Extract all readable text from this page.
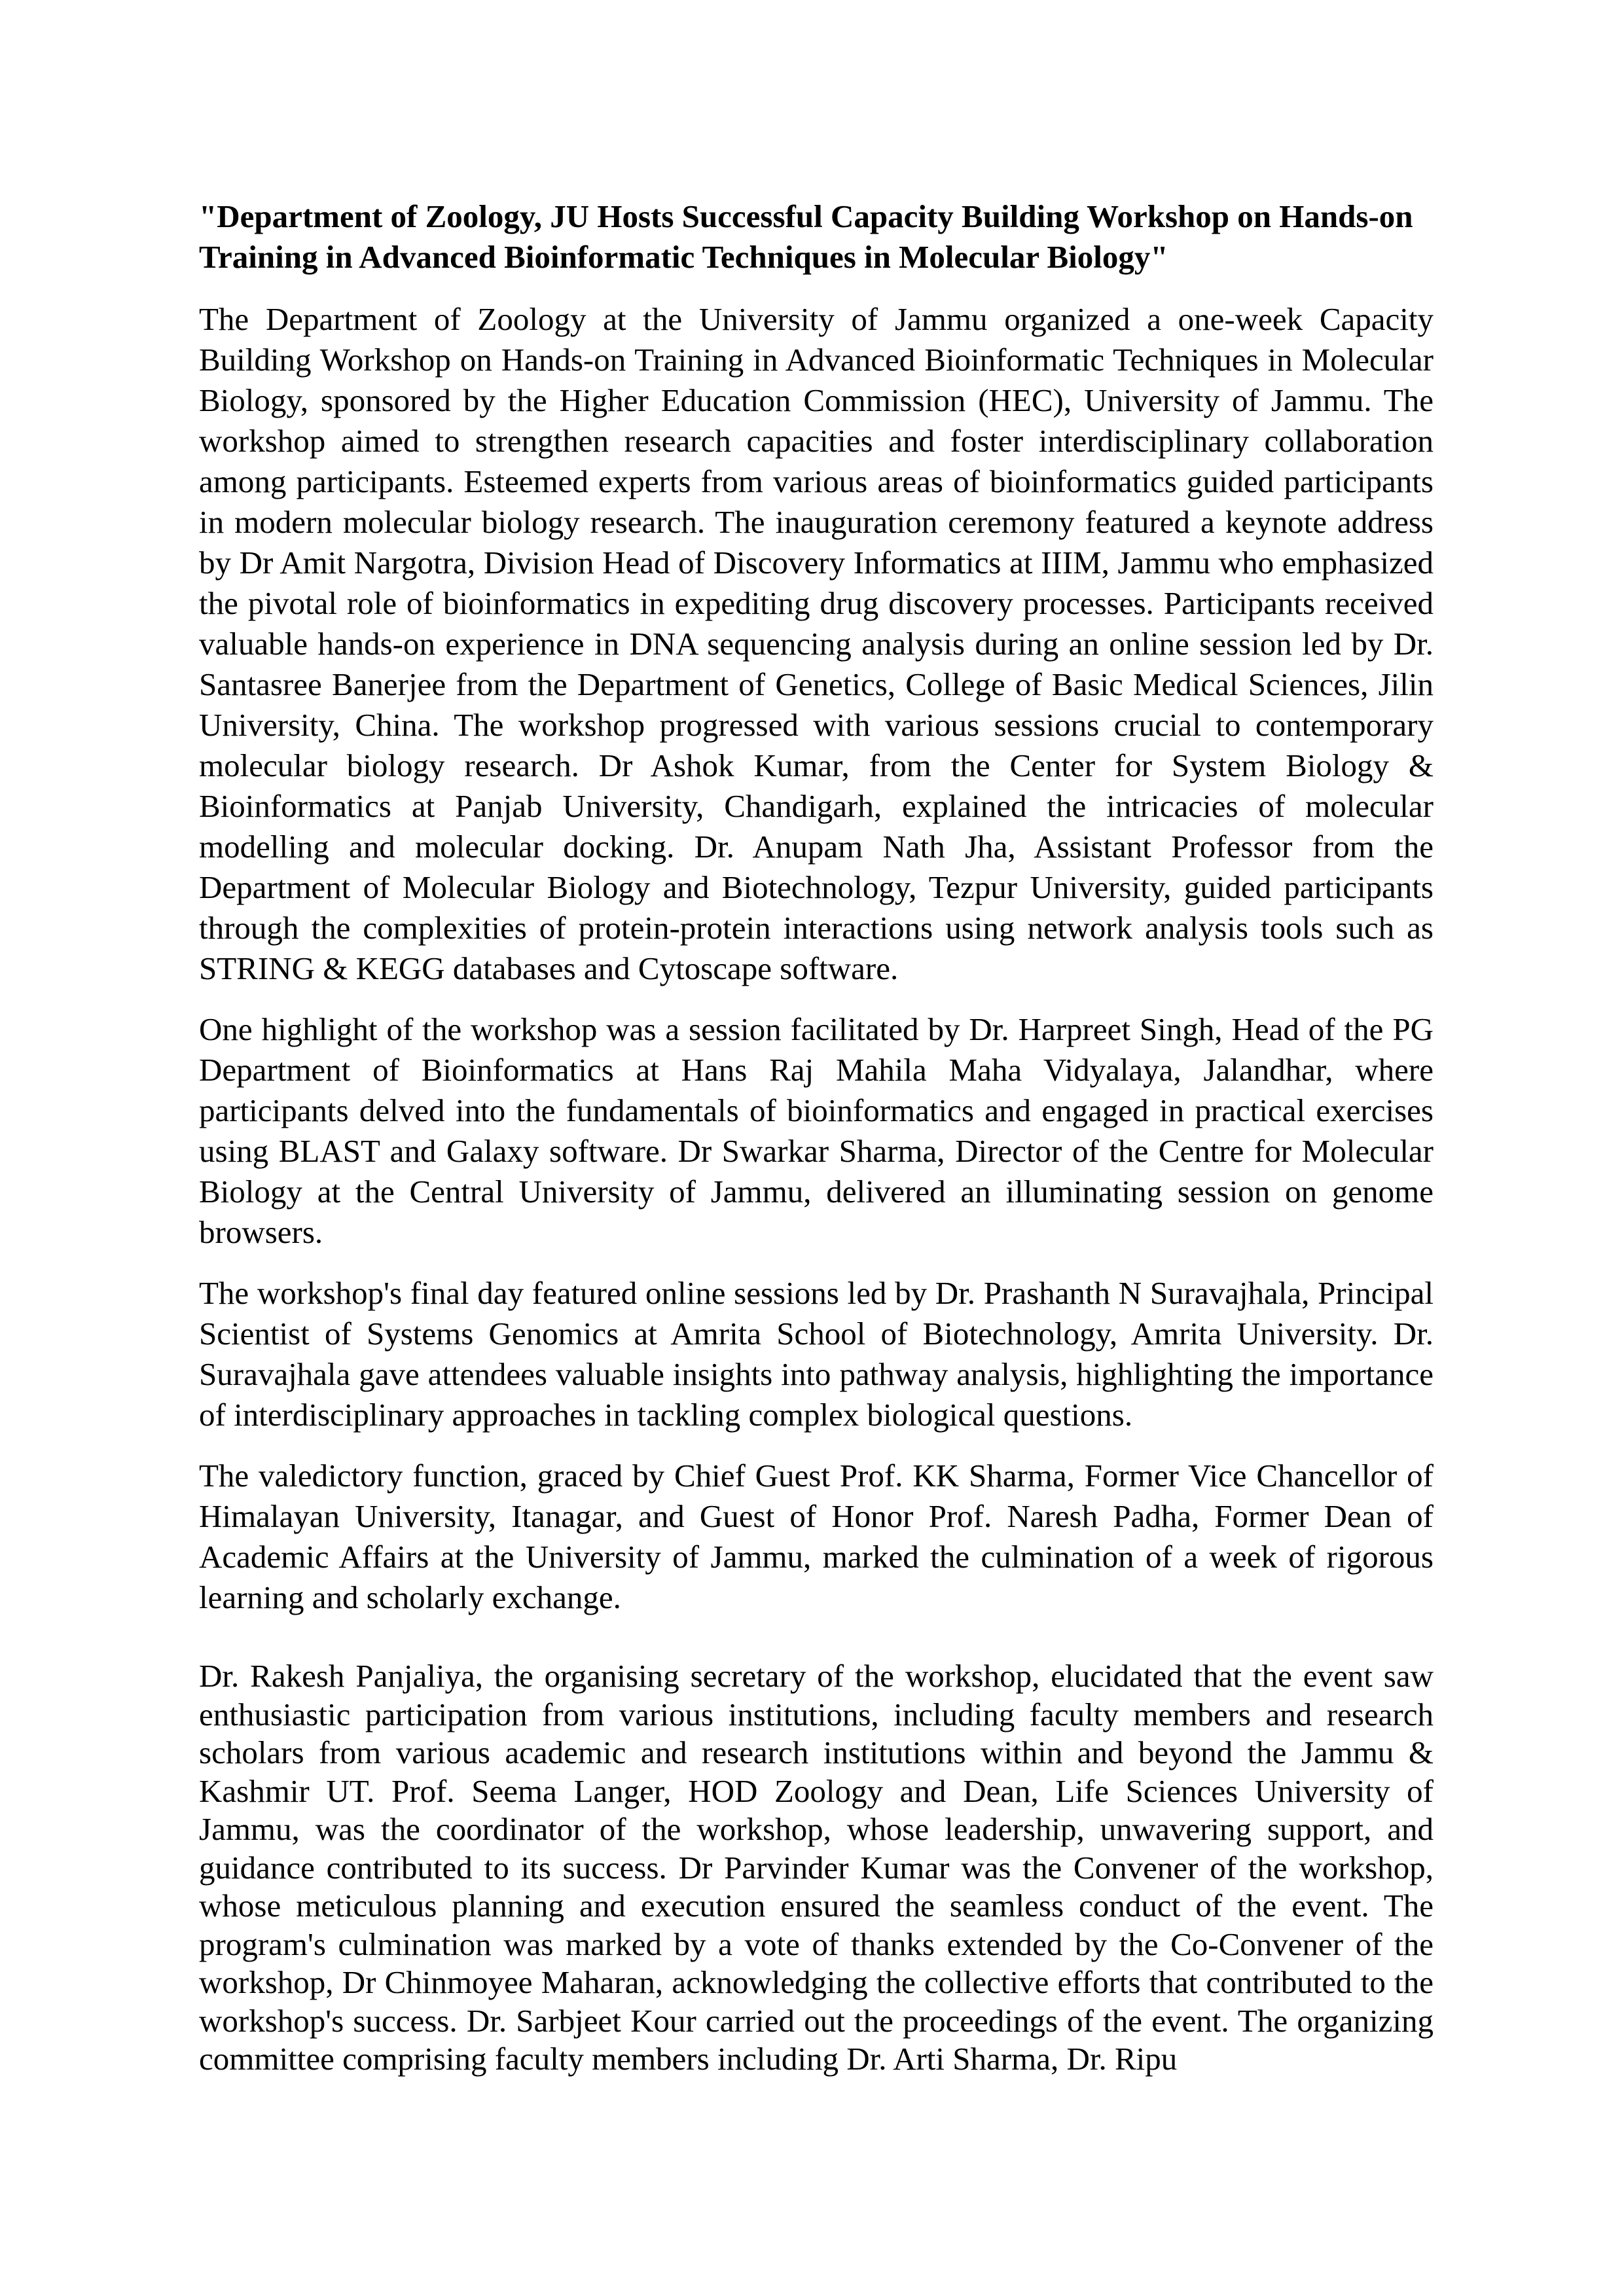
"Department of Zoology, JU Hosts Successful Capacity Building Workshop on Hands-on Training in Advanced Bioinformatic Techniques in Molecular Biology"

The Department of Zoology at the University of Jammu organized a one-week Capacity Building Workshop on Hands-on Training in Advanced Bioinformatic Techniques in Molecular Biology, sponsored by the Higher Education Commission (HEC), University of Jammu. The workshop aimed to strengthen research capacities and foster interdisciplinary collaboration among participants. Esteemed experts from various areas of bioinformatics guided participants in modern molecular biology research. The inauguration ceremony featured a keynote address by Dr Amit Nargotra, Division Head of Discovery Informatics at IIIM, Jammu who emphasized the pivotal role of bioinformatics in expediting drug discovery processes. Participants received valuable hands-on experience in DNA sequencing analysis during an online session led by Dr. Santasree Banerjee from the Department of Genetics, College of Basic Medical Sciences, Jilin University, China. The workshop progressed with various sessions crucial to contemporary molecular biology research. Dr Ashok Kumar, from the Center for System Biology & Bioinformatics at Panjab University, Chandigarh, explained the intricacies of molecular modelling and molecular docking. Dr. Anupam Nath Jha, Assistant Professor from the Department of Molecular Biology and Biotechnology, Tezpur University, guided participants through the complexities of protein-protein interactions using network analysis tools such as STRING & KEGG databases and Cytoscape software.

One highlight of the workshop was a session facilitated by Dr. Harpreet Singh, Head of the PG Department of Bioinformatics at Hans Raj Mahila Maha Vidyalaya, Jalandhar, where participants delved into the fundamentals of bioinformatics and engaged in practical exercises using BLAST and Galaxy software. Dr Swarkar Sharma, Director of the Centre for Molecular Biology at the Central University of Jammu, delivered an illuminating session on genome browsers.

The workshop's final day featured online sessions led by Dr. Prashanth N Suravajhala, Principal Scientist of Systems Genomics at Amrita School of Biotechnology, Amrita University. Dr. Suravajhala gave attendees valuable insights into pathway analysis, highlighting the importance of interdisciplinary approaches in tackling complex biological questions.

The valedictory function, graced by Chief Guest Prof. KK Sharma, Former Vice Chancellor of Himalayan University, Itanagar, and Guest of Honor Prof. Naresh Padha, Former Dean of Academic Affairs at the University of Jammu, marked the culmination of a week of rigorous learning and scholarly exchange.

Dr. Rakesh Panjaliya, the organising secretary of the workshop, elucidated that the event saw enthusiastic participation from various institutions, including faculty members and research scholars from various academic and research institutions within and beyond the Jammu & Kashmir UT. Prof. Seema Langer, HOD Zoology and Dean, Life Sciences University of Jammu, was the coordinator of the workshop, whose leadership, unwavering support, and guidance contributed to its success. Dr Parvinder Kumar was the Convener of the workshop, whose meticulous planning and execution ensured the seamless conduct of the event. The program's culmination was marked by a vote of thanks extended by the Co-Convener of the workshop, Dr Chinmoyee Maharan, acknowledging the collective efforts that contributed to the workshop's success. Dr. Sarbjeet Kour carried out the proceedings of the event. The organizing committee comprising faculty members including Dr. Arti Sharma, Dr. Ripu
